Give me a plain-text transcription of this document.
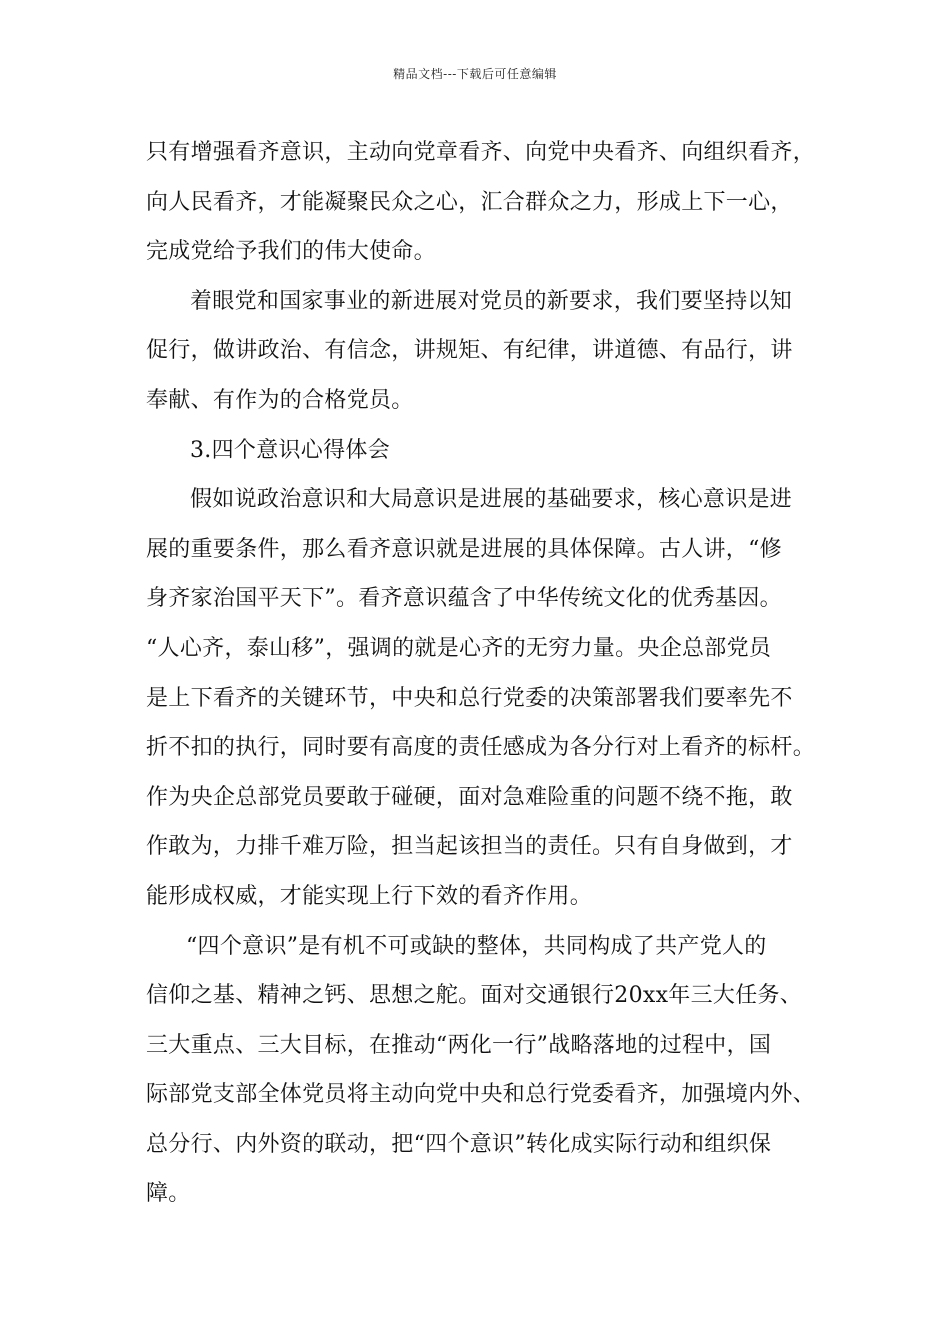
精品文档---下载后可任意编辑
只有增强看齐意识，主动向党章看齐、向党中央看齐、向组织看齐，
向人民看齐，才能凝聚民众之心，汇合群众之力，形成上下一心，
完成党给予我们的伟大使命。
着眼党和国家事业的新进展对党员的新要求，我们要坚持以知
促行，做讲政治、有信念，讲规矩、有纪律，讲道德、有品行，讲
奉献、有作为的合格党员。
3.四个意识心得体会
假如说政治意识和大局意识是进展的基础要求，核心意识是进
展的重要条件，那么看齐意识就是进展的具体保障。古人讲，“修
身齐家治国平天下”。看齐意识蕴含了中华传统文化的优秀基因。
“人心齐，泰山移”，强调的就是心齐的无穷力量。央企总部党员
是上下看齐的关键环节，中央和总行党委的决策部署我们要率先不
折不扣的执行，同时要有高度的责任感成为各分行对上看齐的标杆。
作为央企总部党员要敢于碰硬，面对急难险重的问题不绕不拖，敢
作敢为，力排千难万险，担当起该担当的责任。只有自身做到，才
能形成权威，才能实现上行下效的看齐作用。
“四个意识”是有机不可或缺的整体，共同构成了共产党人的
信仰之基、精神之钙、思想之舵。面对交通银行20xx年三大任务、
三大重点、三大目标，在推动“两化一行”战略落地的过程中，国
际部党支部全体党员将主动向党中央和总行党委看齐，加强境内外、
总分行、内外资的联动，把“四个意识”转化成实际行动和组织保
障。
